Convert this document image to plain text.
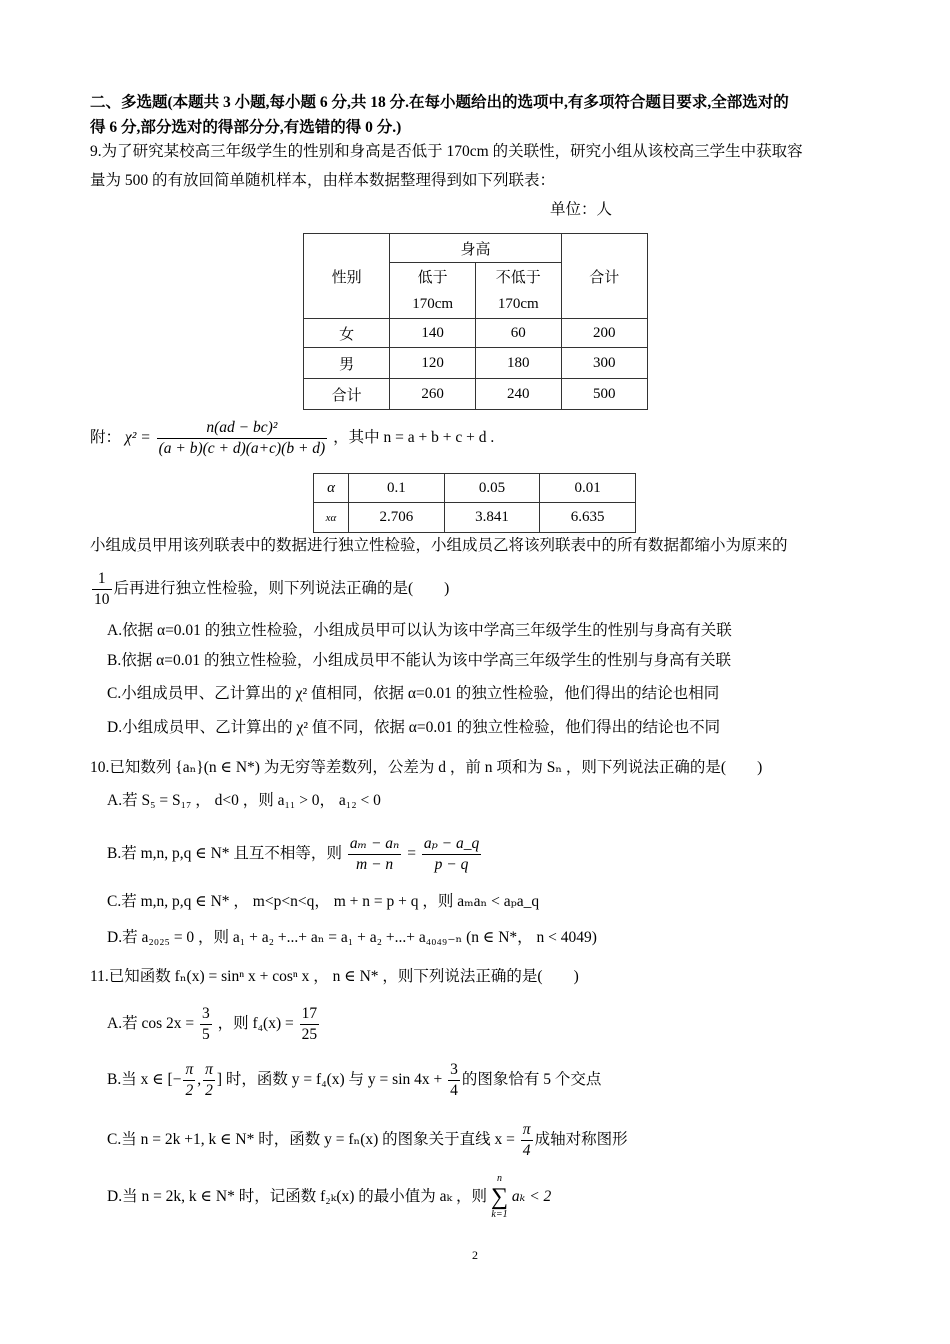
二、多选题(本题共 3 小题,每小题 6 分,共 18 分.在每小题给出的选项中,有多项符合题目要求,全部选对的
得 6 分,部分选对的得部分分,有选错的得 0 分.)
9.为了研究某校高三年级学生的性别和身高是否低于 170cm 的关联性，研究小组从该校高三学生中获取容
量为 500 的有放回简单随机样本，由样本数据整理得到如下列联表：
单位：人
性别	身高		合计
	低于	不低于	
	170cm	170cm	
女	140	60	200
男	120	180	300
合计	260	240	500
附： $\chi^2 = \frac{\text{n(ad − bc)²}}{(a + b)(c + d)(a+c)(b + d)}$ ，其中 n = a + b + c + d .
α	0.1	0.05	0.01
xα	2.706	3.841	6.635
小组成员甲用该列联表中的数据进行独立性检验，小组成员乙将该列联表中的所有数据都缩小为原来的
$\frac{1}{10}$ 后再进行独立性检验，则下列说法正确的是(　　)
A.依据 α=0.01 的独立性检验，小组成员甲可以认为该中学高三年级学生的性别与身高有关联
B.依据 α=0.01 的独立性检验，小组成员甲不能认为该中学高三年级学生的性别与身高有关联
C.小组成员甲、乙计算出的 χ² 值相同，依据 α=0.01 的独立性检验，他们得出的结论也相同
D.小组成员甲、乙计算出的 χ² 值不同，依据 α=0.01 的独立性检验，他们得出的结论也不同
10.已知数列 {aₙ}(n ∈ N*) 为无穷等差数列，公差为 d ，前 n 项和为 Sₙ ，则下列说法正确的是(　　)
A.若 S₅ = S₁₇ ， d<0 ，则 a₁₁ > 0， a₁₂ < 0
B.若 m,n, p,q ∈ N* 且互不相等，则 $\frac{\text{aₘ − aₙ}}{m - n} = \frac{\text{aₚ − a\_q}}{p - q}$
C.若 m,n, p,q ∈ N* ， m<p<n<q， m + n = p + q ，则 aₘaₙ < aₚa_q
D.若 a₂₀₂₅ = 0 ，则 a₁ + a₂ +...+ aₙ = a₁ + a₂ +...+ a₄₀₄₉₋ₙ (n ∈ N*， n < 4049)
11.已知函数 fₙ(x) = sinⁿ x + cosⁿ x ， n ∈ N* ，则下列说法正确的是(　　)
A.若 $\cos 2x = \frac{3}{5}$ ，则 $f_4(x) = \frac{17}{25}$
B.当 x ∈ [− $\frac{\pi}{2}$ , $\frac{\pi}{2}$ ] 时，函数 y = f₄(x) 与 $y = \sin 4x + \frac{3}{4}$ 的图象恰有 5 个交点
C.当 n = 2k +1, k ∈ N* 时，函数 y = fₙ(x) 的图象关于直线 $x = \frac{\pi}{4}$ 成轴对称图形
D.当 n = 2k, k ∈ N* 时，记函数 f₂ₖ(x) 的最小值为 aₖ ，则
n
∑
k=1
aₖ < 2
2
